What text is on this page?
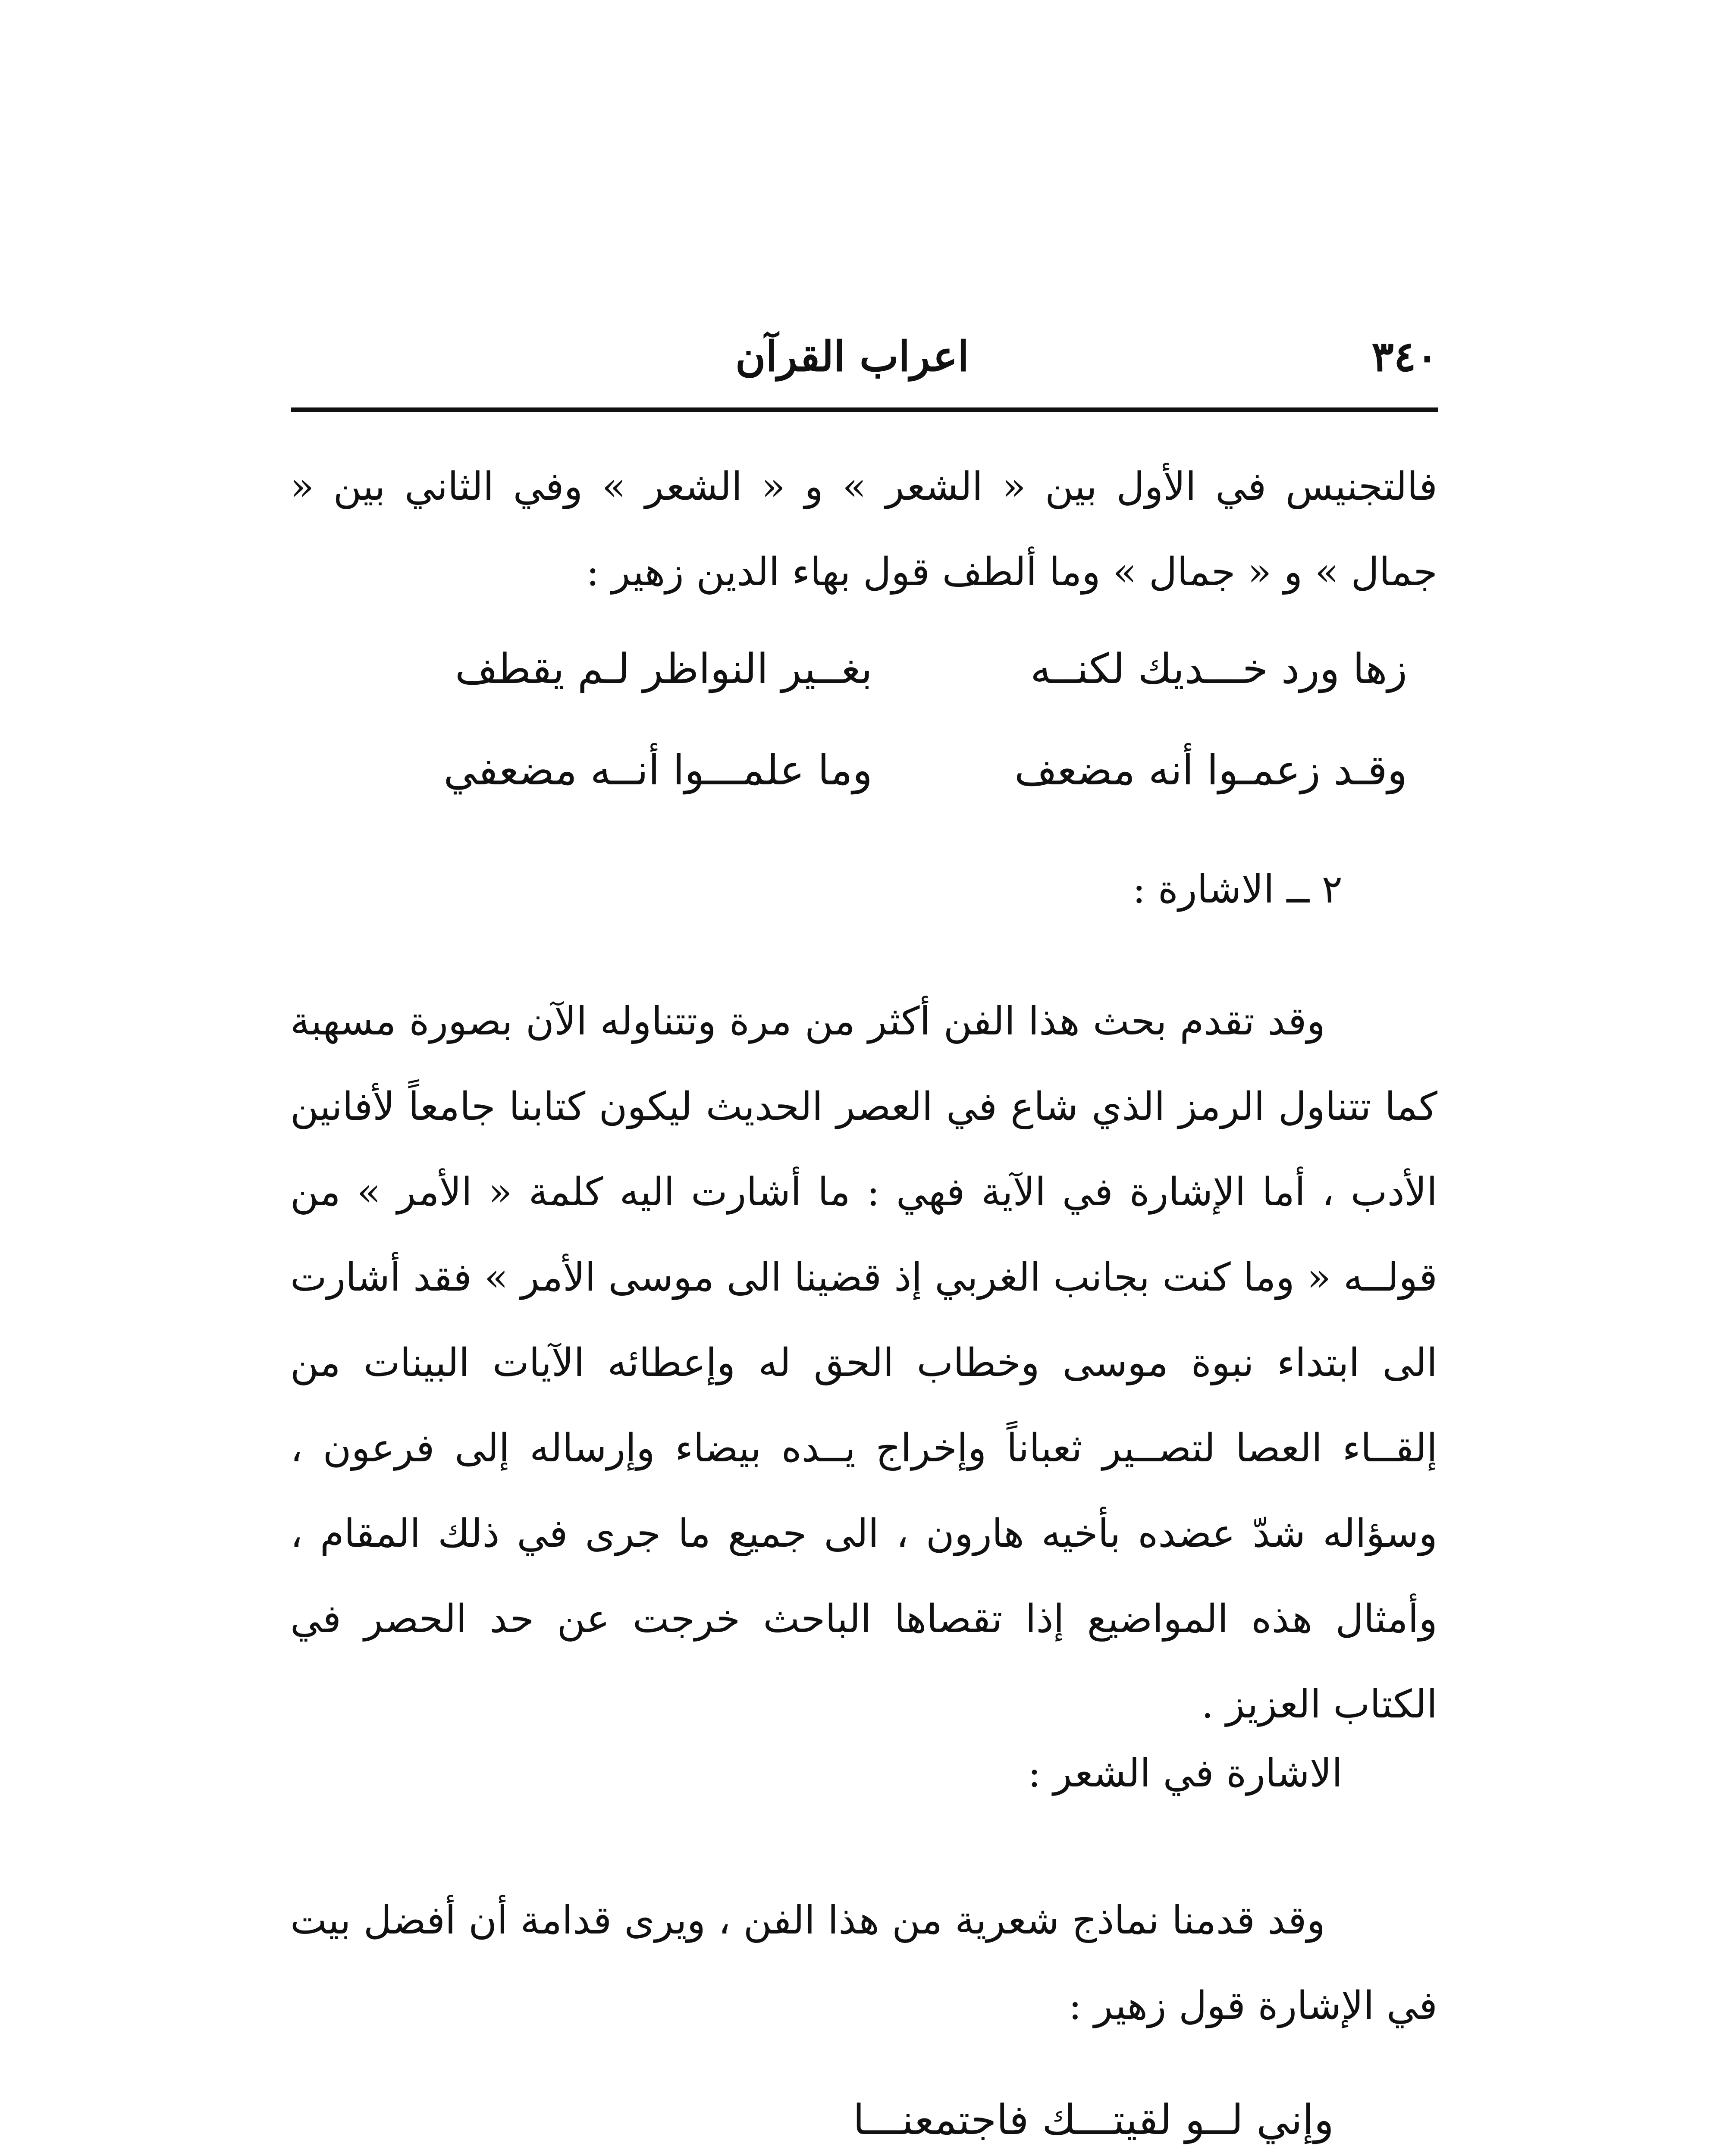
٣٤٠
اعراب القرآن

فالتجنيس في الأول بين « الشعر » و « الشعر » وفي الثاني بين « جمال » و « جمال » وما ألطف قول بهاء الدين زهير :

زها ورد خـــديك لكنــه
بغــير النواظر لـم يقطف
وقـد زعمـوا أنه مضعف
وما علمـــوا أنــه مضعفي
٢ ــ الاشارة :

وقد تقدم بحث هذا الفن أكثر من مرة وتتناوله الآن بصورة مسهبة كما تتناول الرمز الذي شاع في العصر الحديث ليكون كتابنا جامعاً لأفانين الأدب ، أما الإشارة في الآية فهي : ما أشارت اليه كلمة « الأمر » من قولــه « وما كنت بجانب الغربي إذ قضينا الى موسى الأمر » فقد أشارت الى ابتداء نبوة موسى وخطاب الحق له وإعطائه الآيات البينات من إلقــاء العصا لتصــير ثعباناً وإخراج يــده بيضاء وإرساله إلى فرعون ، وسؤاله شدّ عضده بأخيه هارون ، الى جميع ما جرى في ذلك المقام ، وأمثال هذه المواضيع إذا تقصاها الباحث خرجت عن حد الحصر في الكتاب العزيز .

الاشارة في الشعر :

وقد قدمنا نماذج شعرية من هذا الفن ، ويرى قدامة أن أفضل بيت في الإشارة قول زهير :

وإني لــو لقيتـــك فاجتمعنـــا
